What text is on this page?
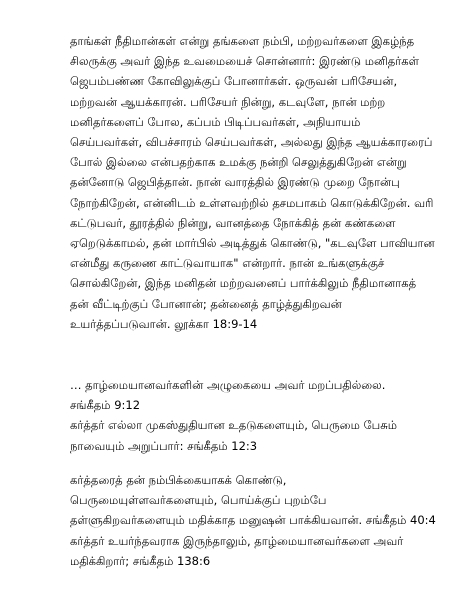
தாங்கள் நீதிமான்கள் என்று தங்களை நம்பி, மற்றவர்களை இகழ்ந்த
சிலருக்கு அவர் இந்த உவமையைச் சொன்னார்: இரண்டு மனிதர்கள்
ஜெபம்பண்ண கோவிலுக்குப் போனார்கள். ஒருவன் பரிசேயன்,
மற்றவன் ஆயக்காரன். பரிசேயர் நின்று, கடவுளே, நான் மற்ற
மனிதர்களைப் போல, கப்பம் பிடிப்பவர்கள், அநியாயம்
செய்பவர்கள், விபச்சாரம் செய்பவர்கள், அல்லது இந்த ஆயக்காரரைப்
போல் இல்லை என்பதற்காக உமக்கு நன்றி செலுத்துகிறேன் என்று
தன்னோடு ஜெபித்தான். நான் வாரத்தில் இரண்டு முறை நோன்பு
நோற்கிறேன், என்னிடம் உள்ளவற்றில் தசமபாகம் கொடுக்கிறேன். வரி
கட்டுபவர், தூரத்தில் நின்று, வானத்தை நோக்கித் தன் கண்களை
ஏறெடுக்காமல், தன் மார்பில் அடித்துக் கொண்டு, "கடவுளே பாவியான
என்மீது கருணை காட்டுவாயாக" என்றார். நான் உங்களுக்குச்
சொல்கிறேன், இந்த மனிதன் மற்றவனைப் பார்க்கிலும் நீதிமானாகத்
தன் வீட்டிற்குப் போனான்; தன்னைத் தாழ்த்துகிறவன்
உயர்த்தப்படுவான். லூக்கா 18:9-14
… தாழ்மையானவர்களின் அழுகையை அவர் மறப்பதில்லை.
சங்கீதம் 9:12
கர்த்தர் எல்லா முகஸ்துதியான உதடுகளையும், பெருமை பேசும்
நாவையும் அறுப்பார்: சங்கீதம் 12:3
கர்த்தரைத் தன் நம்பிக்கையாகக் கொண்டு,
பெருமையுள்ளவர்களையும், பொய்க்குப் புறம்பே
தள்ளுகிறவர்களையும் மதிக்காத மனுஷன் பாக்கியவான். சங்கீதம் 40:4
கர்த்தர் உயர்ந்தவராக இருந்தாலும், தாழ்மையானவர்களை அவர்
மதிக்கிறார்; சங்கீதம் 138:6
